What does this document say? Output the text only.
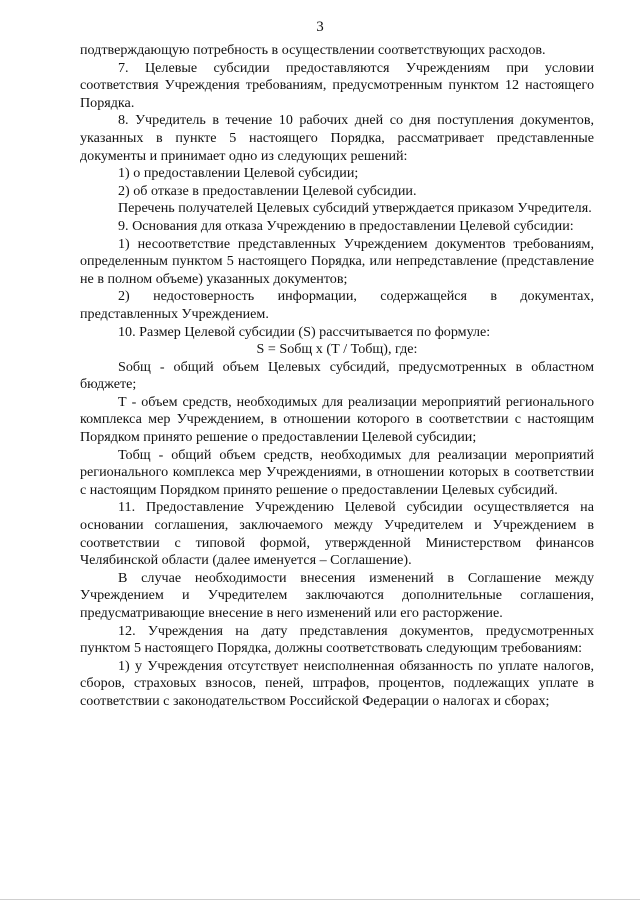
3

подтверждающую потребность в осуществлении соответствующих расходов.

7. Целевые субсидии предоставляются Учреждениям при условии соответствия Учреждения требованиям, предусмотренным пунктом 12 настоящего Порядка.

8. Учредитель в течение 10 рабочих дней со дня поступления документов, указанных в пункте 5 настоящего Порядка, рассматривает представленные документы и принимает одно из следующих решений:

1) о предоставлении Целевой субсидии;

2) об отказе в предоставлении Целевой субсидии.

Перечень получателей Целевых субсидий утверждается приказом Учредителя.

9. Основания для отказа Учреждению в предоставлении Целевой субсидии:

1) несоответствие представленных Учреждением документов требованиям, определенным пунктом 5 настоящего Порядка, или непредставление (представление не в полном объеме) указанных документов;

2) недостоверность информации, содержащейся в документах, представленных Учреждением.

10. Размер Целевой субсидии (S) рассчитывается по формуле:

S = Sобщ x (Т / Тобщ), где:

Sобщ - общий объем Целевых субсидий, предусмотренных в областном бюджете;

Т - объем средств, необходимых для реализации мероприятий регионального комплекса мер Учреждением, в отношении которого в соответствии с настоящим Порядком принято решение о предоставлении Целевой субсидии;

Тобщ - общий объем средств, необходимых для реализации мероприятий регионального комплекса мер Учреждениями, в отношении которых в соответствии с настоящим Порядком принято решение о предоставлении Целевых субсидий.

11. Предоставление Учреждению Целевой субсидии осуществляется на основании соглашения, заключаемого между Учредителем и Учреждением в соответствии с типовой формой, утвержденной Министерством финансов Челябинской области (далее именуется – Соглашение).

В случае необходимости внесения изменений в Соглашение между Учреждением и Учредителем заключаются дополнительные соглашения, предусматривающие внесение в него изменений или его расторжение.

12. Учреждения на дату представления документов, предусмотренных пунктом 5 настоящего Порядка, должны соответствовать следующим требованиям:

1) у Учреждения отсутствует неисполненная обязанность по уплате налогов, сборов, страховых взносов, пеней, штрафов, процентов, подлежащих уплате в соответствии с законодательством Российской Федерации о налогах и сборах;
